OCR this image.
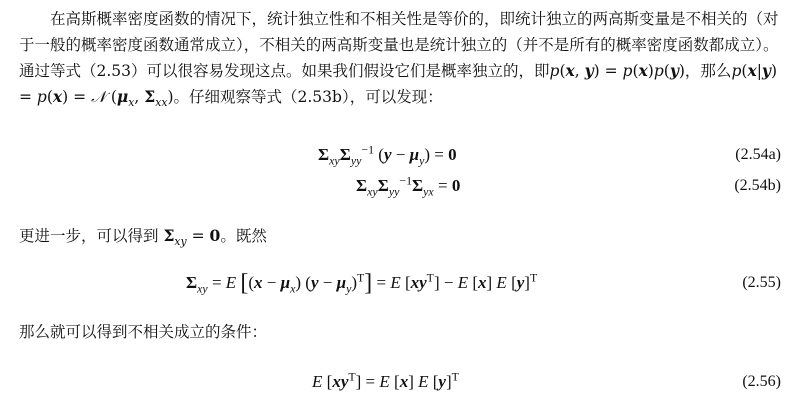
在高斯概率密度函数的情况下，统计独立性和不相关性是等价的，即统计独立的两高斯变量是不相关的（对于一般的概率密度函数通常成立），不相关的两高斯变量也是统计独立的（并不是所有的概率密度函数都成立）。通过等式（2.53）可以很容易发现这点。如果我们假设它们是概率独立的，即p(x, y) = p(x)p(y)，那么p(x|y) = p(x) = 𝒩 ($\mu_x$, $\Sigma_{xx}$)。仔细观察等式（2.53b），可以发现：

$\Sigma_{xy}\Sigma_{yy}^{-1}$ $(y - \mu_y) = 0$	(2.54a)
$\Sigma_{xy}\Sigma_{yy}^{-1}\Sigma_{yx} = 0$	(2.54b)

更进一步，可以得到 $\Sigma_{xy} = 0$。既然

$\Sigma_{xy} = E$ [$(x - \mu_x)$ $(y - \mu_y)^T] = E$ $[xy^T] - E$ [x] E $[y]^T$	(2.55)

那么就可以得到不相关成立的条件：

E $[xy^T] = E$ [x] E $[y]^T$	(2.56)
